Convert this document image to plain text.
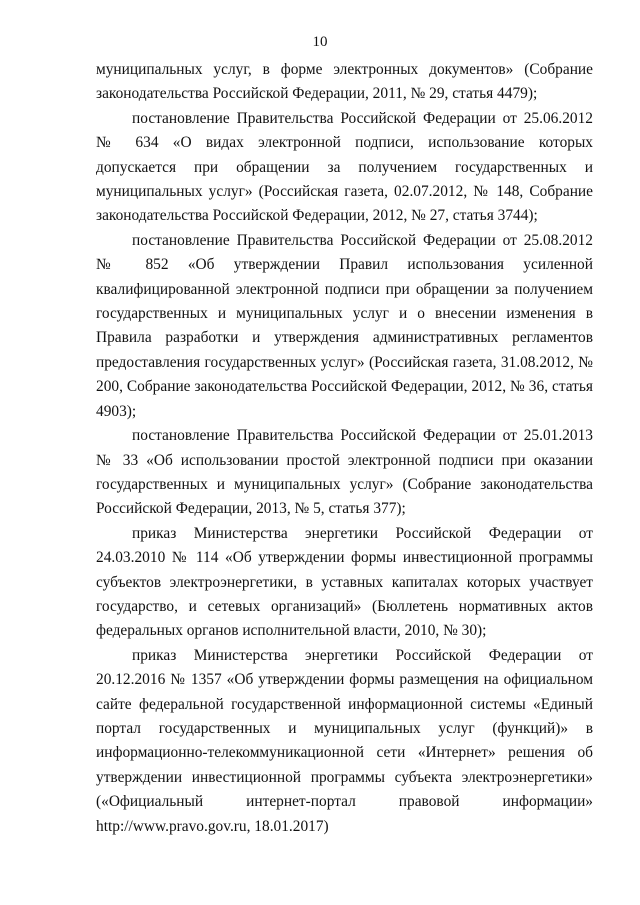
10

муниципальных услуг, в форме электронных документов» (Собрание законодательства Российской Федерации, 2011, № 29, статья 4479);

постановление Правительства Российской Федерации от 25.06.2012 № 634 «О видах электронной подписи, использование которых допускается при обращении за получением государственных и муниципальных услуг» (Российская газета, 02.07.2012, № 148, Собрание законодательства Российской Федерации, 2012, № 27, статья 3744);

постановление Правительства Российской Федерации от 25.08.2012 № 852 «Об утверждении Правил использования усиленной квалифицированной электронной подписи при обращении за получением государственных и муниципальных услуг и о внесении изменения в Правила разработки и утверждения административных регламентов предоставления государственных услуг» (Российская газета, 31.08.2012, № 200, Собрание законодательства Российской Федерации, 2012, № 36, статья 4903);

постановление Правительства Российской Федерации от 25.01.2013 № 33 «Об использовании простой электронной подписи при оказании государственных и муниципальных услуг» (Собрание законодательства Российской Федерации, 2013, № 5, статья 377);

приказ Министерства энергетики Российской Федерации от 24.03.2010 № 114 «Об утверждении формы инвестиционной программы субъектов электроэнергетики, в уставных капиталах которых участвует государство, и сетевых организаций» (Бюллетень нормативных актов федеральных органов исполнительной власти, 2010, № 30);

приказ Министерства энергетики Российской Федерации от 20.12.2016 № 1357 «Об утверждении формы размещения на официальном сайте федеральной государственной информационной системы «Единый портал государственных и муниципальных услуг (функций)» в информационно-телекоммуникационной сети «Интернет» решения об утверждении инвестиционной программы субъекта электроэнергетики» («Официальный интернет-портал правовой информации» http://www.pravo.gov.ru, 18.01.2017)
